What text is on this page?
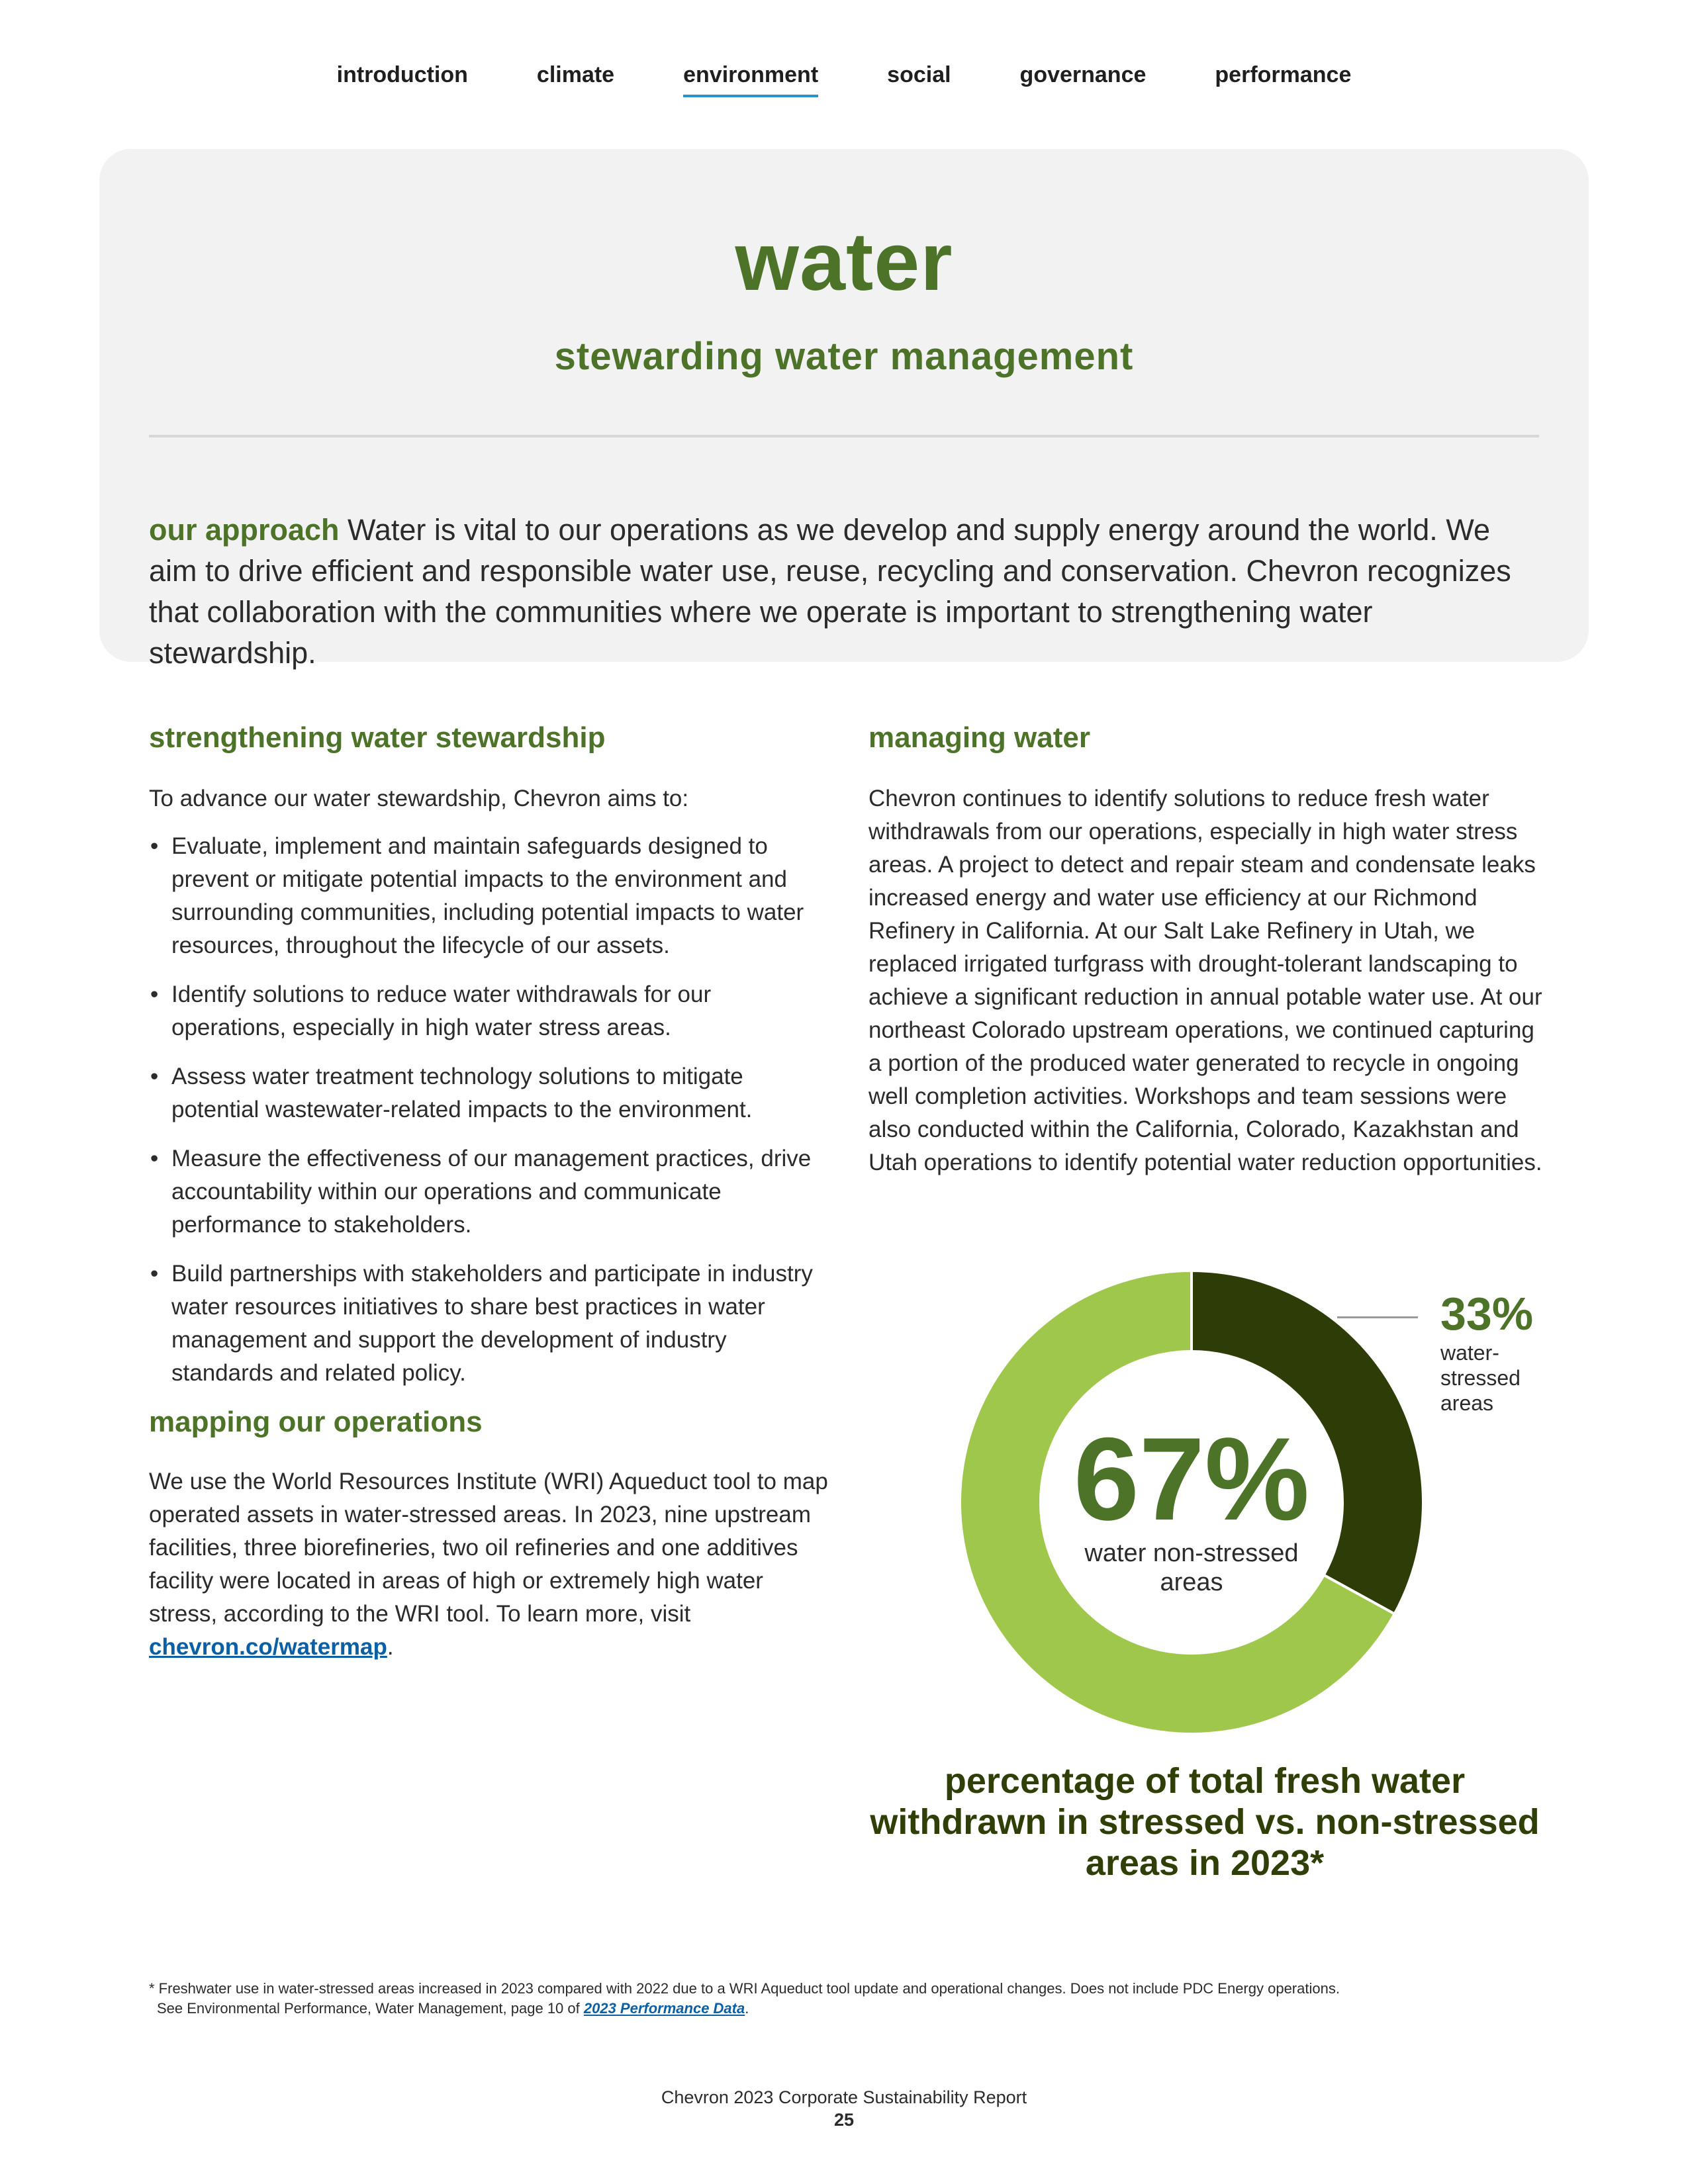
introduction	climate	environment	social	governance	performance
water
stewarding water management

our approach Water is vital to our operations as we develop and supply energy around the world. We aim to drive efficient and responsible water use, reuse, recycling and conservation. Chevron recognizes that collaboration with the communities where we operate is important to strengthening water stewardship.

strengthening water stewardship

To advance our water stewardship, Chevron aims to:

• Evaluate, implement and maintain safeguards designed to prevent or mitigate potential impacts to the environment and surrounding communities, including potential impacts to water resources, throughout the lifecycle of our assets.
• Identify solutions to reduce water withdrawals for our operations, especially in high water stress areas.
• Assess water treatment technology solutions to mitigate potential wastewater-related impacts to the environment.
• Measure the effectiveness of our management practices, drive accountability within our operations and communicate performance to stakeholders.
• Build partnerships with stakeholders and participate in industry water resources initiatives to share best practices in water management and support the development of industry standards and related policy.
mapping our operations

We use the World Resources Institute (WRI) Aqueduct tool to map operated assets in water-stressed areas. In 2023, nine upstream facilities, three biorefineries, two oil refineries and one additives facility were located in areas of high or extremely high water stress, according to the WRI tool. To learn more, visit chevron.co/watermap.

managing water

Chevron continues to identify solutions to reduce fresh water withdrawals from our operations, especially in high water stress areas. A project to detect and repair steam and condensate leaks increased energy and water use efficiency at our Richmond Refinery in California. At our Salt Lake Refinery in Utah, we replaced irrigated turfgrass with drought-tolerant landscaping to achieve a significant reduction in annual potable water use. At our northeast Colorado upstream operations, we continued capturing a portion of the produced water generated to recycle in ongoing well completion activities. Workshops and team sessions were also conducted within the California, Colorado, Kazakhstan and Utah operations to identify potential water reduction opportunities.

67%
water non-stressed areas
33%
water-stressed areas
percentage of total fresh water withdrawn in stressed vs. non-stressed areas in 2023*
* Freshwater use in water-stressed areas increased in 2023 compared with 2022 due to a WRI Aqueduct tool update and operational changes. Does not include PDC Energy operations.
See Environmental Performance, Water Management, page 10 of 2023 Performance Data.
Chevron 2023 Corporate Sustainability Report
25
